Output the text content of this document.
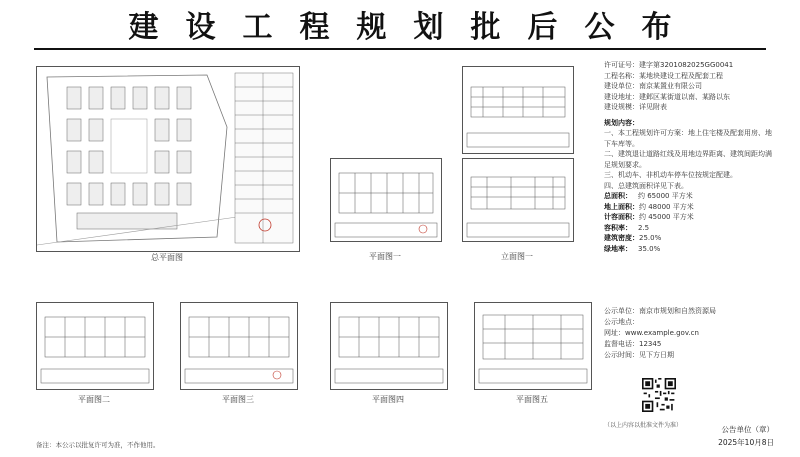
建设工程规划批后公布
总平面图	平面图一	立面图一
平面图二	平面图三	平面图四	平面图五

许可证号：建字第3201082025GG0041

工程名称：某地块建设工程及配套工程

建设单位：南京某置业有限公司

建设地址：建邺区某街道以南、某路以东

建设规模：详见附表

规划内容：

一、本工程规划许可方案：地上住宅楼及配套用房、地下车库等。

二、建筑退让道路红线及用地边界距离、建筑间距均满足规划要求。

三、机动车、非机动车停车位按规定配建。

四、总建筑面积详见下表。

总面积： 约 65000 平方米
地上面积： 约 48000 平方米
计容面积： 约 45000 平方米
容积率： 2.5
建筑密度： 25.0%
绿地率： 35.0%
公示单位：南京市规划和自然资源局
公示地点：
网址：www.example.gov.cn
监督电话：12345
公示时间：见下方日期
（以上内容以批准文件为准）	公告单位（章）
2025年10月8日
备注：本公示以批复许可为准，不作他用。
